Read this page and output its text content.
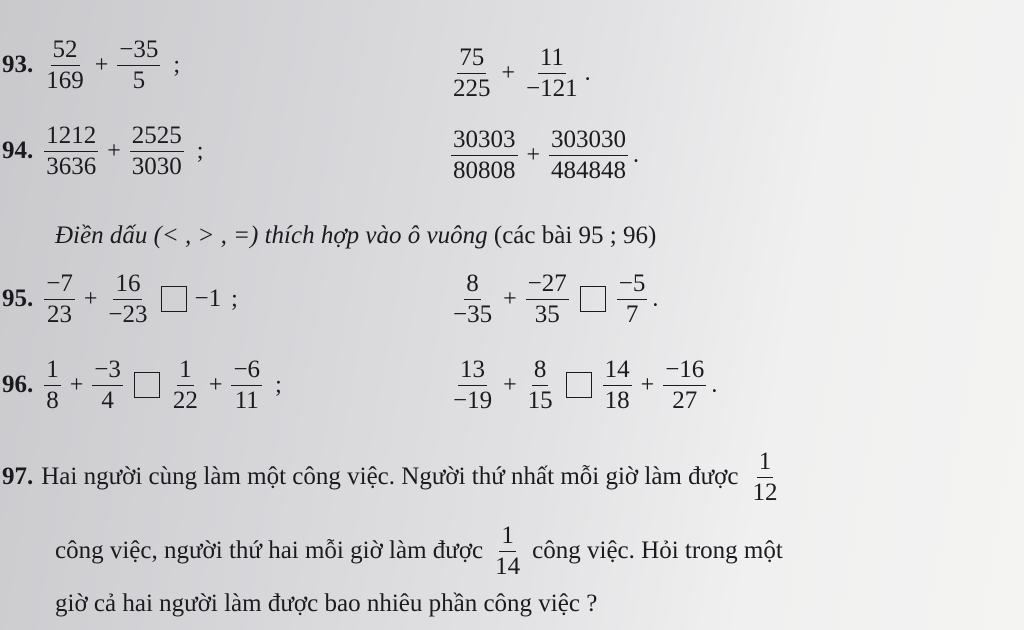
93. $\frac{52}{169} + \frac{-35}{5}$ ;	$\frac{75}{225} + \frac{11}{-121}$ .
94. $\frac{1212}{3636} + \frac{2525}{3030}$ ;	$\frac{30303}{80808} + \frac{303030}{484848}$ .
Điền dấu (< , > , =) thích hợp vào ô vuông (các bài 95 ; 96)
95. $\frac{-7}{23} + \frac{16}{-23} -1$ ;	$\frac{8}{-35} + \frac{-27}{35} \frac{-5}{7}$ .
96. $\frac{1}{8} + \frac{-3}{4} \frac{1}{22} + \frac{-6}{11}$ ;	$\frac{13}{-19} + \frac{8}{15} \frac{14}{18} + \frac{-16}{27}$ .
97. Hai người cùng làm một công việc. Người thứ nhất mỗi giờ làm được $\frac{1}{12}$
công việc, người thứ hai mỗi giờ làm được $\frac{1}{14}$ công việc. Hỏi trong một
giờ cả hai người làm được bao nhiêu phần công việc ?
